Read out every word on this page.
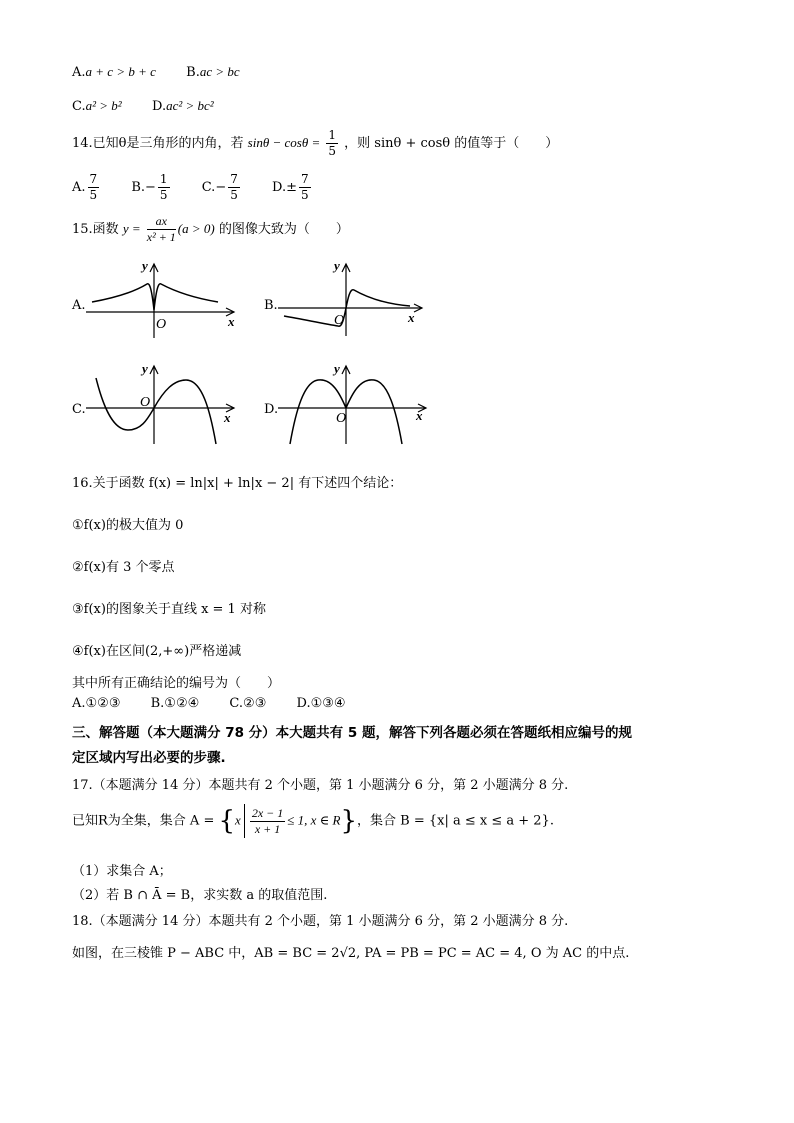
A.a + c > b + c B.ac > bc
C.a² > b² D.ac² > bc²
14.已知θ是三角形的内角，若 $\sin\theta - \cos\theta = \frac{1}{5}$ ，则 sinθ + cosθ 的值等于（　　）
A. $\frac{7}{5} B.- \frac{1}{5} C.- \frac{7}{5} D.\pm \frac{7}{5}$
15.函数 $y = \frac{ax}{\text{x² + 1}} (a > 0)$ 的图像大致为（　　）
A.
y
x
O
B.
y
x
O
C.
y
x
O	D.
y
x
O
16.关于函数 f(x) = ln|x| + ln|x − 2| 有下述四个结论：
①f(x)的极大值为 0
②f(x)有 3 个零点
③f(x)的图象关于直线 x = 1 对称
④f(x)在区间(2,+∞)严格递减
其中所有正确结论的编号为（　　）
A.①②③ B.①②④ C.②③ D.①③④
三、解答题（本大题满分 78 分）本大题共有 5 题，解答下列各题必须在答题纸相应编号的规
定区域内写出必要的步骤.
17.（本题满分 14 分）本题共有 2 个小题，第 1 小题满分 6 分，第 2 小题满分 8 分.
已知R为全集，集合 $A = \{x \frac{2x - 1}{x + 1} \le 1$, x ∈ R}，集合 B = {x| a ≤ x ≤ a + 2}.
（1）求集合 A；
（2）若 B ∩ Ā = B，求实数 a 的取值范围.
18.（本题满分 14 分）本题共有 2 个小题，第 1 小题满分 6 分，第 2 小题满分 8 分.
如图，在三棱锥 P − ABC 中，AB = BC = 2√2, PA = PB = PC = AC = 4, O 为 AC 的中点.
